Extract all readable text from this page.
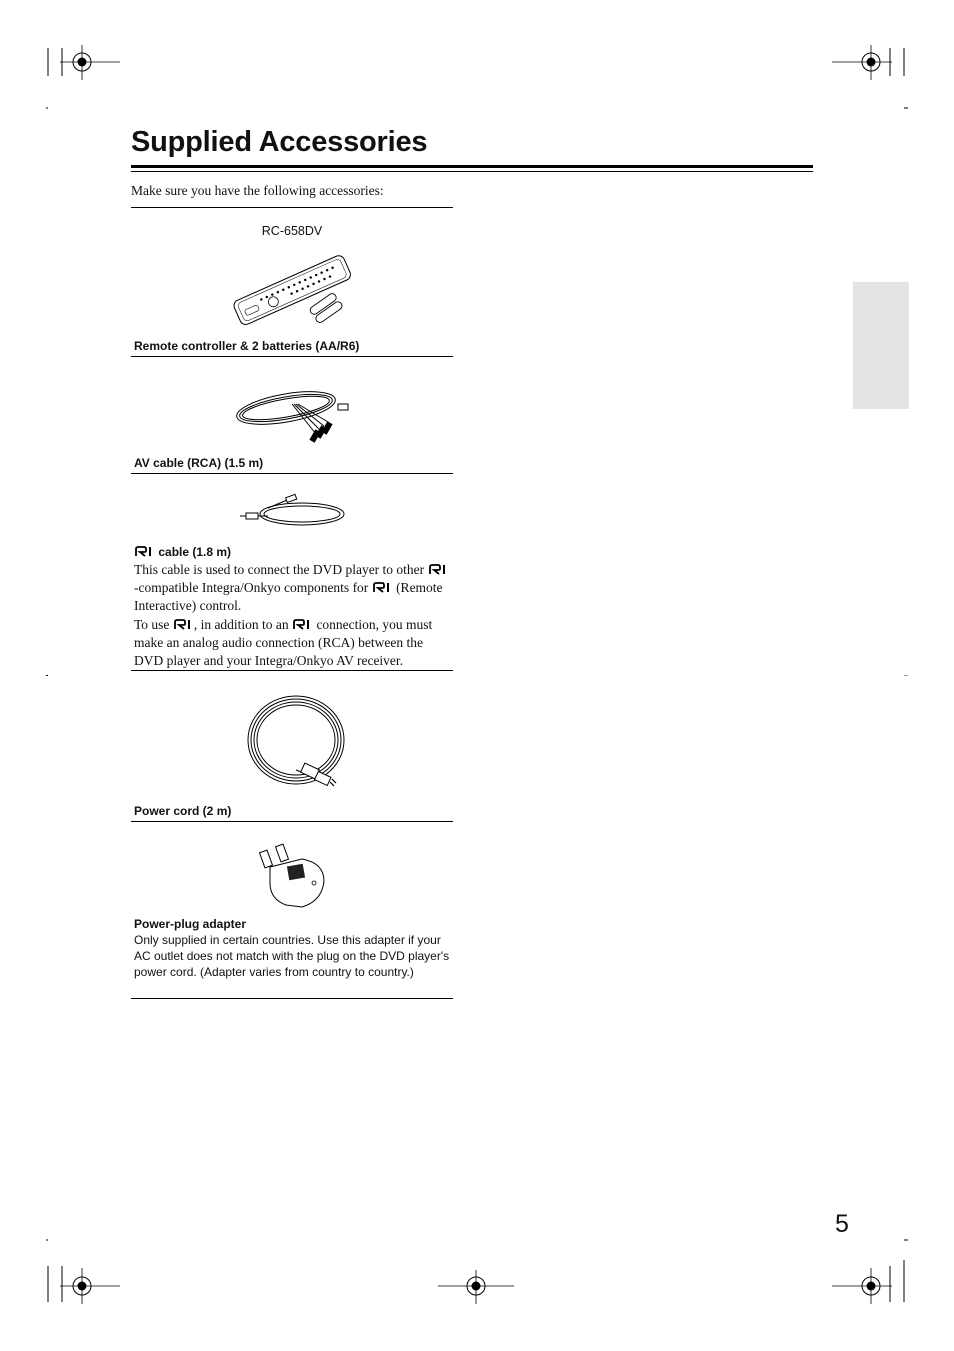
Supplied Accessories
Make sure you have the following accessories:
RC-658DV
Remote controller & 2 batteries (AA/R6)
AV cable (RCA) (1.5 m)
cable (1.8 m)

This cable is used to connect the DVD player to other -compatible Integra/Onkyo components for  (Remote Interactive) control.

To use , in addition to an  connection, you must make an analog audio connection (RCA) between the DVD player and your Integra/Onkyo AV receiver.

Power cord (2 m)
Power-plug adapter
Only supplied in certain countries. Use this adapter if your AC outlet does not match with the plug on the DVD player's power cord. (Adapter varies from country to country.)
5
